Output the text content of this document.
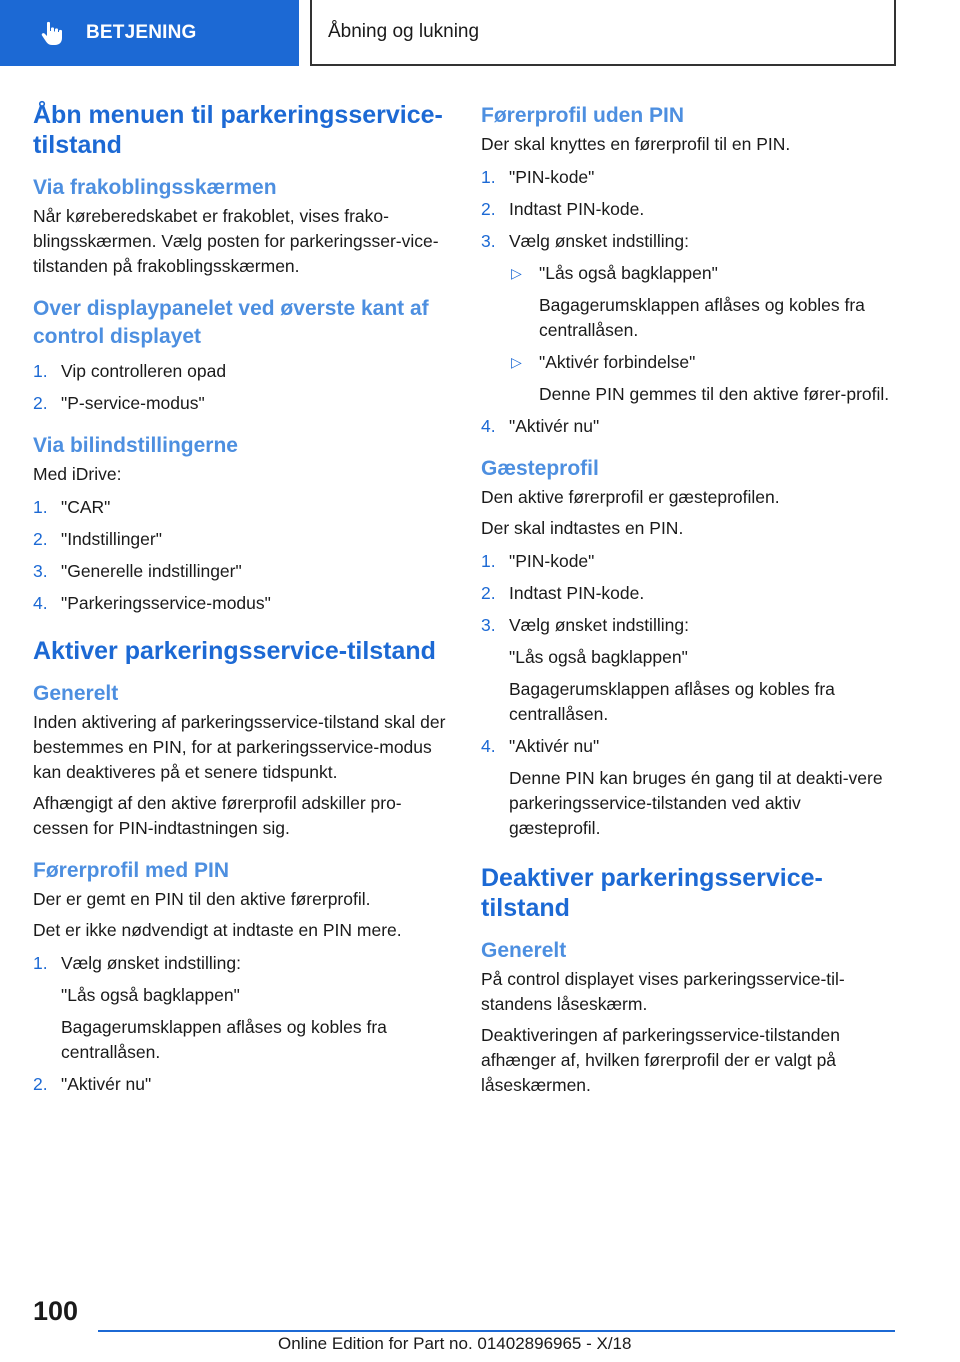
BETJENING	Åbning og lukning
Åbn menuen til parkeringsservice-tilstand
Via frakoblingsskærmen

Når køreberedskabet er frakoblet, vises frako‐blingsskærmen. Vælg posten for parkeringsser‐vice-tilstanden på frakoblingsskærmen.

Over displaypanelet ved øverste kant af control displayet
1. Vip controlleren opad
2. "P-service-modus"
Via bilindstillingerne

Med iDrive:

1. "CAR"
2. "Indstillinger"
3. "Generelle indstillinger"
4. "Parkeringsservice-modus"
Aktiver parkeringsservice-tilstand
Generelt

Inden aktivering af parkeringsservice-tilstand skal der bestemmes en PIN, for at parkeringsservice-modus kan deaktiveres på et senere tidspunkt.

Afhængigt af den aktive førerprofil adskiller pro‐cessen for PIN-indtastningen sig.

Førerprofil med PIN

Der er gemt en PIN til den aktive førerprofil.

Det er ikke nødvendigt at indtaste en PIN mere.

1. Vælg ønsket indstilling:
"Lås også bagklappen"
Bagagerumsklappen aflåses og kobles fra centrallåsen.
2. "Aktivér nu"
Førerprofil uden PIN

Der skal knyttes en førerprofil til en PIN.

1. "PIN-kode"
2. Indtast PIN-kode.
3. Vælg ønsket indstilling:
▷ "Lås også bagklappen"
Bagagerumsklappen aflåses og kobles fra centrallåsen.
▷ "Aktivér forbindelse"
Denne PIN gemmes til den aktive fører‐profil.
4. "Aktivér nu"
Gæsteprofil

Den aktive førerprofil er gæsteprofilen.

Der skal indtastes en PIN.

1. "PIN-kode"
2. Indtast PIN-kode.
3. Vælg ønsket indstilling:
"Lås også bagklappen"
Bagagerumsklappen aflåses og kobles fra centrallåsen.
4. "Aktivér nu"
Denne PIN kan bruges én gang til at deakti‐vere parkeringsservice-tilstanden ved aktiv gæsteprofil.
Deaktiver parkeringsservice-tilstand
Generelt

På control displayet vises parkeringsservice-til‐standens låseskærm.

Deaktiveringen af parkeringsservice-tilstanden afhænger af, hvilken førerprofil der er valgt på låseskærmen.

100
Online Edition for Part no. 01402896965 - X/18
